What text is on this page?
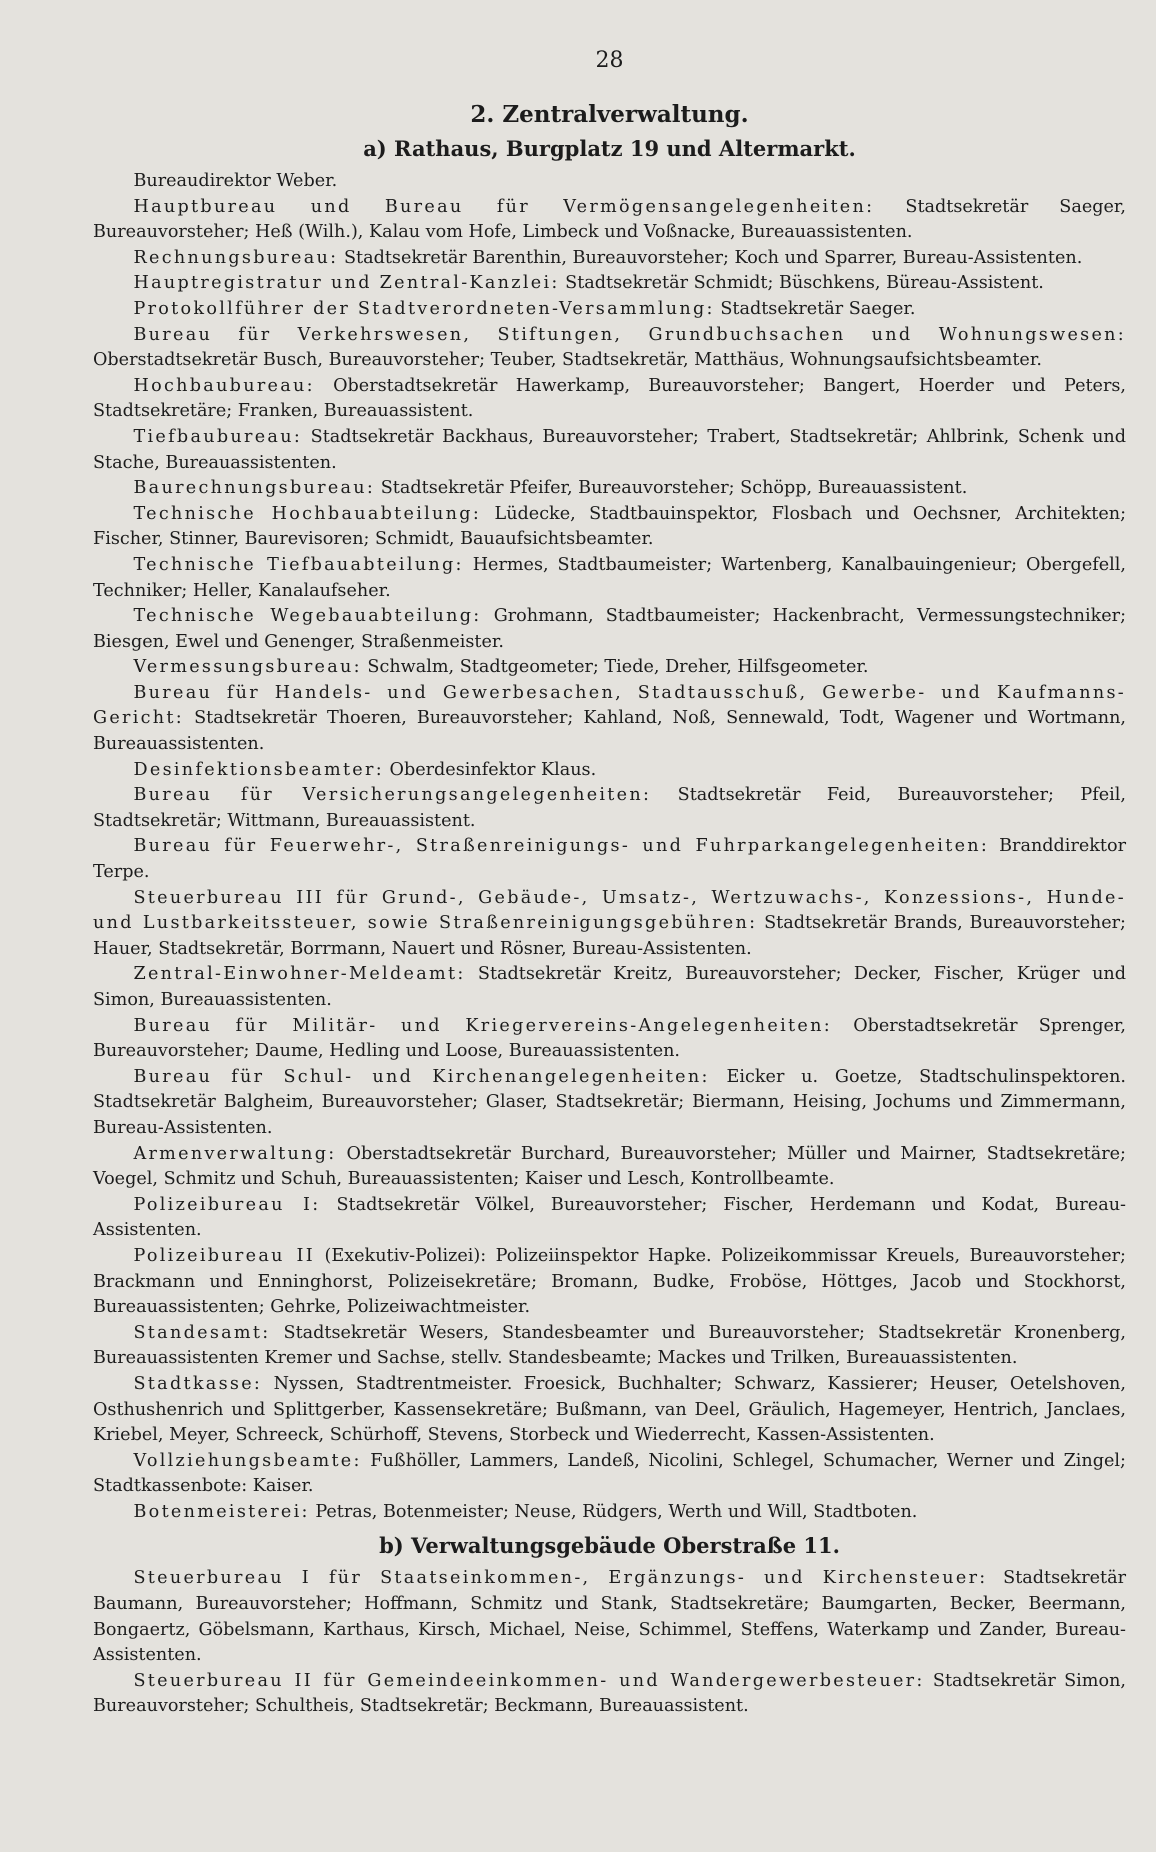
28
2. Zentralverwaltung.
a) Rathaus, Burgplatz 19 und Altermarkt.

Bureaudirektor Weber.

Hauptbureau und Bureau für Vermögensangelegenheiten: Stadtsekretär Saeger, Bureauvorsteher; Heß (Wilh.), Kalau vom Hofe, Limbeck und Voßnacke, Bureauassistenten.

Rechnungsbureau: Stadtsekretär Barenthin, Bureauvorsteher; Koch und Sparrer, Bureau-Assistenten.

Hauptregistratur und Zentral-Kanzlei: Stadtsekretär Schmidt; Büschkens, Büreau-Assistent.

Protokollführer der Stadtverordneten-Versammlung: Stadtsekretär Saeger.

Bureau für Verkehrswesen, Stiftungen, Grundbuchsachen und Wohnungswesen: Oberstadtsekretär Busch, Bureauvorsteher; Teuber, Stadtsekretär, Matthäus, Wohnungsaufsichtsbeamter.

Hochbaubureau: Oberstadtsekretär Hawerkamp, Bureauvorsteher; Bangert, Hoerder und Peters, Stadtsekretäre; Franken, Bureauassistent.

Tiefbaubureau: Stadtsekretär Backhaus, Bureauvorsteher; Trabert, Stadtsekretär; Ahlbrink, Schenk und Stache, Bureauassistenten.

Baurechnungsbureau: Stadtsekretär Pfeifer, Bureauvorsteher; Schöpp, Bureauassistent.

Technische Hochbauabteilung: Lüdecke, Stadtbauinspektor, Flosbach und Oechsner, Architekten; Fischer, Stinner, Baurevisoren; Schmidt, Bauaufsichtsbeamter.

Technische Tiefbauabteilung: Hermes, Stadtbaumeister; Wartenberg, Kanalbauingenieur; Obergefell, Techniker; Heller, Kanalaufseher.

Technische Wegebauabteilung: Grohmann, Stadtbaumeister; Hackenbracht, Vermessungstechniker; Biesgen, Ewel und Genenger, Straßenmeister.

Vermessungsbureau: Schwalm, Stadtgeometer; Tiede, Dreher, Hilfsgeometer.

Bureau für Handels- und Gewerbesachen, Stadtausschuß, Gewerbe- und Kaufmanns-Gericht: Stadtsekretär Thoeren, Bureauvorsteher; Kahland, Noß, Sennewald, Todt, Wagener und Wortmann, Bureauassistenten.

Desinfektionsbeamter: Oberdesinfektor Klaus.

Bureau für Versicherungsangelegenheiten: Stadtsekretär Feid, Bureauvorsteher; Pfeil, Stadtsekretär; Wittmann, Bureauassistent.

Bureau für Feuerwehr-, Straßenreinigungs- und Fuhrparkangelegenheiten: Branddirektor Terpe.

Steuerbureau III für Grund-, Gebäude-, Umsatz-, Wertzuwachs-, Konzessions-, Hunde- und Lustbarkeitssteuer, sowie Straßenreinigungsgebühren: Stadtsekretär Brands, Bureauvorsteher; Hauer, Stadtsekretär, Borrmann, Nauert und Rösner, Bureau-Assistenten.

Zentral-Einwohner-Meldeamt: Stadtsekretär Kreitz, Bureauvorsteher; Decker, Fischer, Krüger und Simon, Bureauassistenten.

Bureau für Militär- und Kriegervereins-Angelegenheiten: Oberstadtsekretär Sprenger, Bureauvorsteher; Daume, Hedling und Loose, Bureauassistenten.

Bureau für Schul- und Kirchenangelegenheiten: Eicker u. Goetze, Stadtschulinspektoren. Stadtsekretär Balgheim, Bureauvorsteher; Glaser, Stadtsekretär; Biermann, Heising, Jochums und Zimmermann, Bureau-Assistenten.

Armenverwaltung: Oberstadtsekretär Burchard, Bureauvorsteher; Müller und Mairner, Stadtsekretäre; Voegel, Schmitz und Schuh, Bureauassistenten; Kaiser und Lesch, Kontrollbeamte.

Polizeibureau I: Stadtsekretär Völkel, Bureauvorsteher; Fischer, Herdemann und Kodat, Bureau-Assistenten.

Polizeibureau II (Exekutiv-Polizei): Polizeiinspektor Hapke. Polizeikommissar Kreuels, Bureauvorsteher; Brackmann und Enninghorst, Polizeisekretäre; Bromann, Budke, Froböse, Höttges, Jacob und Stockhorst, Bureauassistenten; Gehrke, Polizeiwachtmeister.

Standesamt: Stadtsekretär Wesers, Standesbeamter und Bureauvorsteher; Stadtsekretär Kronenberg, Bureauassistenten Kremer und Sachse, stellv. Standesbeamte; Mackes und Trilken, Bureauassistenten.

Stadtkasse: Nyssen, Stadtrentmeister. Froesick, Buchhalter; Schwarz, Kassierer; Heuser, Oetelshoven, Osthushenrich und Splittgerber, Kassensekretäre; Bußmann, van Deel, Gräulich, Hagemeyer, Hentrich, Janclaes, Kriebel, Meyer, Schreeck, Schürhoff, Stevens, Storbeck und Wiederrecht, Kassen-Assistenten.

Vollziehungsbeamte: Fußhöller, Lammers, Landeß, Nicolini, Schlegel, Schumacher, Werner und Zingel; Stadtkassenbote: Kaiser.

Botenmeisterei: Petras, Botenmeister; Neuse, Rüdgers, Werth und Will, Stadtboten.

b) Verwaltungsgebäude Oberstraße 11.

Steuerbureau I für Staatseinkommen-, Ergänzungs- und Kirchensteuer: Stadtsekretär Baumann, Bureauvorsteher; Hoffmann, Schmitz und Stank, Stadtsekretäre; Baumgarten, Becker, Beermann, Bongaertz, Göbelsmann, Karthaus, Kirsch, Michael, Neise, Schimmel, Steffens, Waterkamp und Zander, Bureau-Assistenten.

Steuerbureau II für Gemeindeeinkommen- und Wandergewerbesteuer: Stadtsekretär Simon, Bureauvorsteher; Schultheis, Stadtsekretär; Beckmann, Bureauassistent.
